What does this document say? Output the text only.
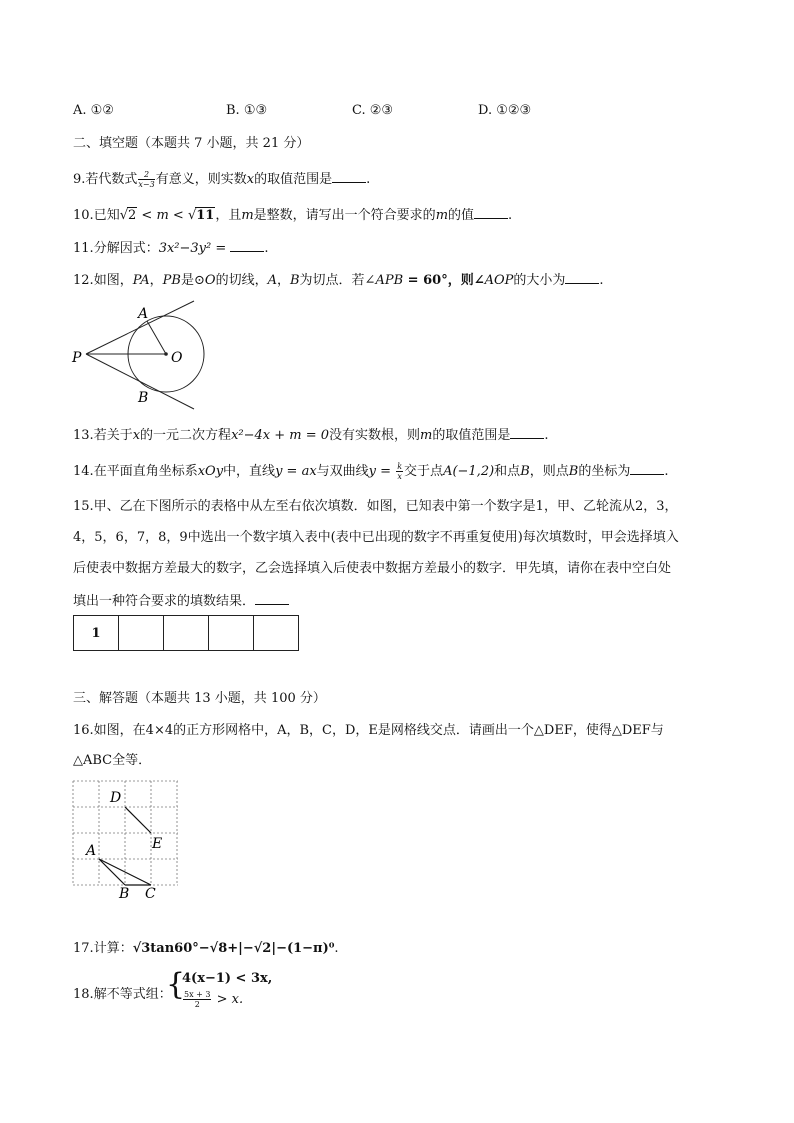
A. ①②	B. ①③	C. ②③	D. ①②③
二、填空题（本题共 7 小题，共 21 分）
9.若代数式 $\frac{2}{x-3}$ 有意义，则实数x的取值范围是	.
10.已知√2 < m < √11，且m是整数，请写出一个符合要求的m的值	.
11.分解因式：3x²−3y² =	.
12.如图，PA，PB是⊙O的切线，A，B为切点．若∠APB = 60°，则∠AOP的大小为	.
P
A
B
O
13.若关于x的一元二次方程x²−4x + m = 0没有实数根，则m的取值范围是	.
14.在平面直角坐标系xOy中，直线y = ax与双曲线$y = \frac{k}{x}$ 交于点A(−1,2)和点B，则点B的坐标为	.
15.甲、乙在下图所示的表格中从左至右依次填数．如图，已知表中第一个数字是1，甲、乙轮流从2，3，
4，5，6，7，8，9中选出一个数字填入表中(表中已出现的数字不再重复使用)每次填数时，甲会选择填入
后使表中数据方差最大的数字，乙会选择填入后使表中数据方差最小的数字．甲先填，请你在表中空白处
填出一种符合要求的填数结果．
1				
三、解答题（本题共 13 小题，共 100 分）
16.如图，在4×4的正方形网格中，A，B，C，D，E是网格线交点．请画出一个△DEF，使得△DEF与
△ABC全等．
D
E
A
B C
17.计算：√3tan60°−√8+|−√2|−(1−π)⁰.
18.解不等式组：
{
4(x−1) < 3x,
$\frac{5x + 3}{2} > x$.
